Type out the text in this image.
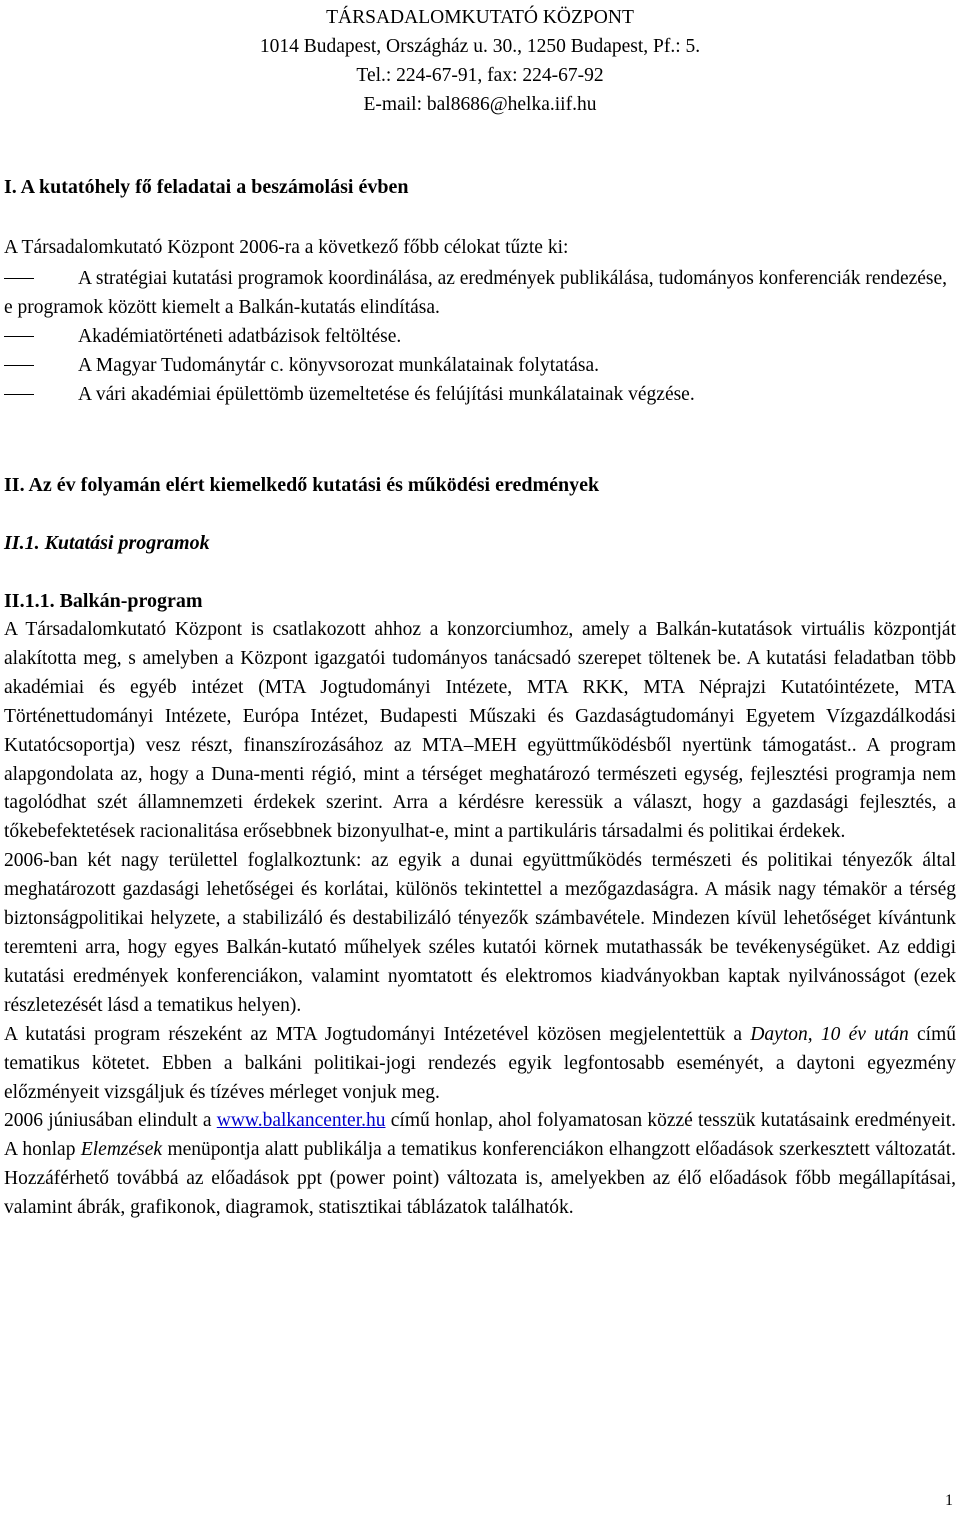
TÁRSADALOMKUTATÓ KÖZPONT
1014 Budapest, Országház u. 30., 1250 Budapest, Pf.: 5.
Tel.: 224-67-91, fax: 224-67-92
E-mail: bal8686@helka.iif.hu
I. A kutatóhely fő feladatai a beszámolási évben
A Társadalomkutató Központ 2006-ra a következő főbb célokat tűzte ki:
A stratégiai kutatási programok koordinálása, az eredmények publikálása, tudományos konferenciák rendezése, e programok között kiemelt a Balkán-kutatás elindítása.
Akadémiatörténeti adatbázisok feltöltése.
A Magyar Tudománytár c. könyvsorozat munkálatainak folytatása.
A vári akadémiai épülettömb üzemeltetése és felújítási munkálatainak végzése.
II. Az év folyamán elért kiemelkedő kutatási és működési eredmények
II.1. Kutatási programok
II.1.1. Balkán-program
A Társadalomkutató Központ is csatlakozott ahhoz a konzorciumhoz, amely a Balkán-kutatások virtuális központját alakította meg, s amelyben a Központ igazgatói tudományos tanácsadó szerepet töltenek be. A kutatási feladatban több akadémiai és egyéb intézet (MTA Jogtudományi Intézete, MTA RKK, MTA Néprajzi Kutatóintézete, MTA Történettudományi Intézete, Európa Intézet, Budapesti Műszaki és Gazdaságtudományi Egyetem Vízgazdálkodási Kutatócsoportja) vesz részt, finanszírozásához az MTA–MEH együttműködésből nyertünk támogatást.. A program alapgondolata az, hogy a Duna-menti régió, mint a térséget meghatározó természeti egység, fejlesztési programja nem tagolódhat szét államnemzeti érdekek szerint. Arra a kérdésre keressük a választ, hogy a gazdasági fejlesztés, a tőkebefektetések racionalitása erősebbnek bizonyulhat-e, mint a partikuláris társadalmi és politikai érdekek.
2006-ban két nagy területtel foglalkoztunk: az egyik a dunai együttműködés természeti és politikai tényezők által meghatározott gazdasági lehetőségei és korlátai, különös tekintettel a mezőgazdaságra. A másik nagy témakör a térség biztonságpolitikai helyzete, a stabilizáló és destabilizáló tényezők számbavétele. Mindezen kívül lehetőséget kívántunk teremteni arra, hogy egyes Balkán-kutató műhelyek széles kutatói körnek mutathassák be tevékenységüket. Az eddigi kutatási eredmények konferenciákon, valamint nyomtatott és elektromos kiadványokban kaptak nyilvánosságot (ezek részletezését lásd a tematikus helyen).
A kutatási program részeként az MTA Jogtudományi Intézetével közösen megjelentettük a Dayton, 10 év után című tematikus kötetet. Ebben a balkáni politikai-jogi rendezés egyik legfontosabb eseményét, a daytoni egyezmény előzményeit vizsgáljuk és tízéves mérleget vonjuk meg.
2006 júniusában elindult a www.balkancenter.hu című honlap, ahol folyamatosan közzé tesszük kutatásaink eredményeit. A honlap Elemzések menüpontja alatt publikálja a tematikus konferenciákon elhangzott előadások szerkesztett változatát. Hozzáférhető továbbá az előadások ppt (power point) változata is, amelyekben az élő előadások főbb megállapításai, valamint ábrák, grafikonok, diagramok, statisztikai táblázatok találhatók.
1
